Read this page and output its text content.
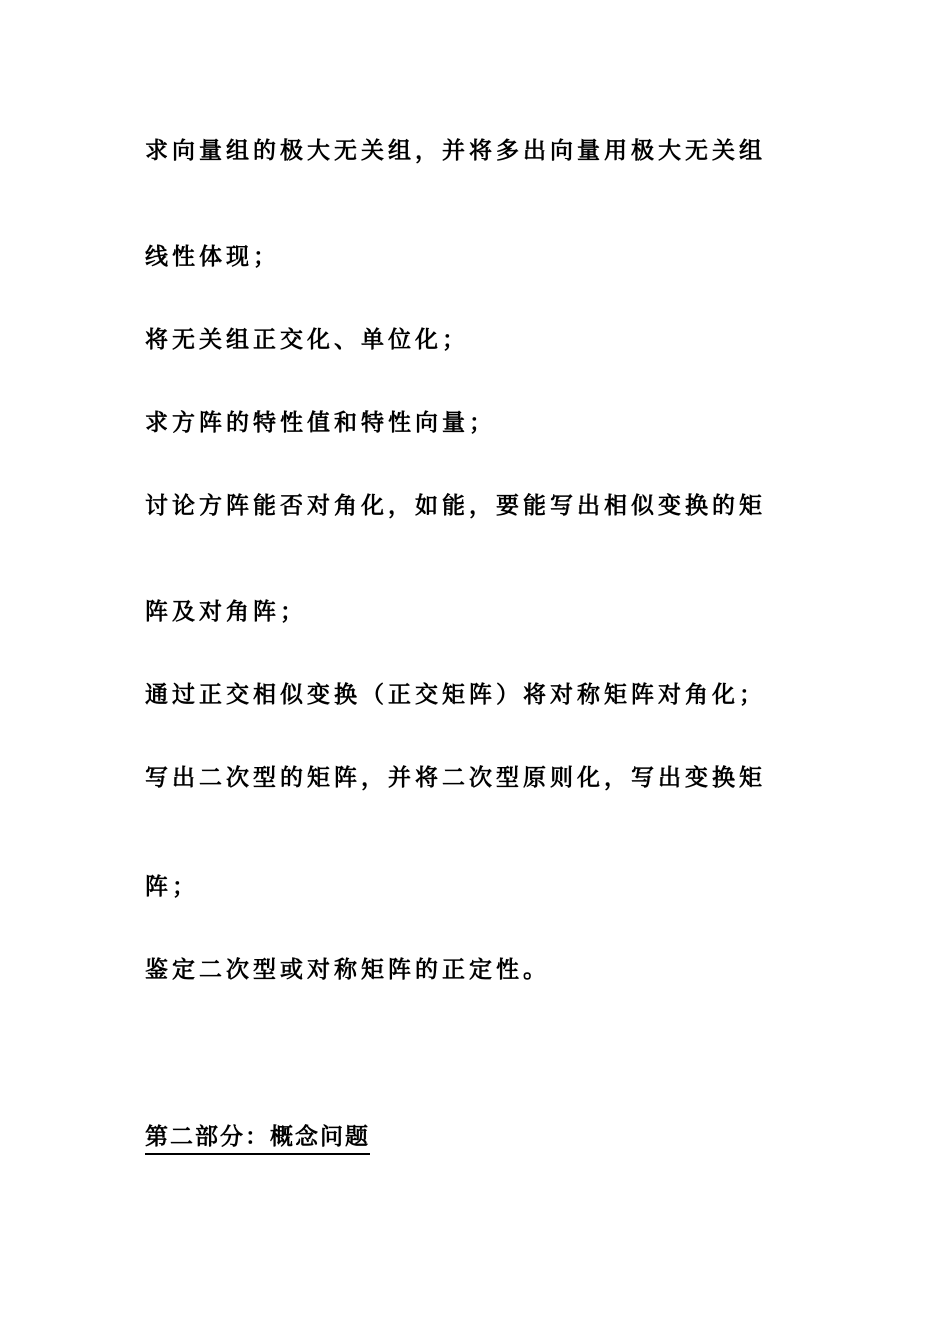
求向量组的极大无关组，并将多出向量用极大无关组
线性体现；
将无关组正交化、单位化；
求方阵的特性值和特性向量；
讨论方阵能否对角化，如能，要能写出相似变换的矩
阵及对角阵；
通过正交相似变换（正交矩阵）将对称矩阵对角化；
写出二次型的矩阵，并将二次型原则化，写出变换矩
阵；
鉴定二次型或对称矩阵的正定性。
第二部分：概念问题
